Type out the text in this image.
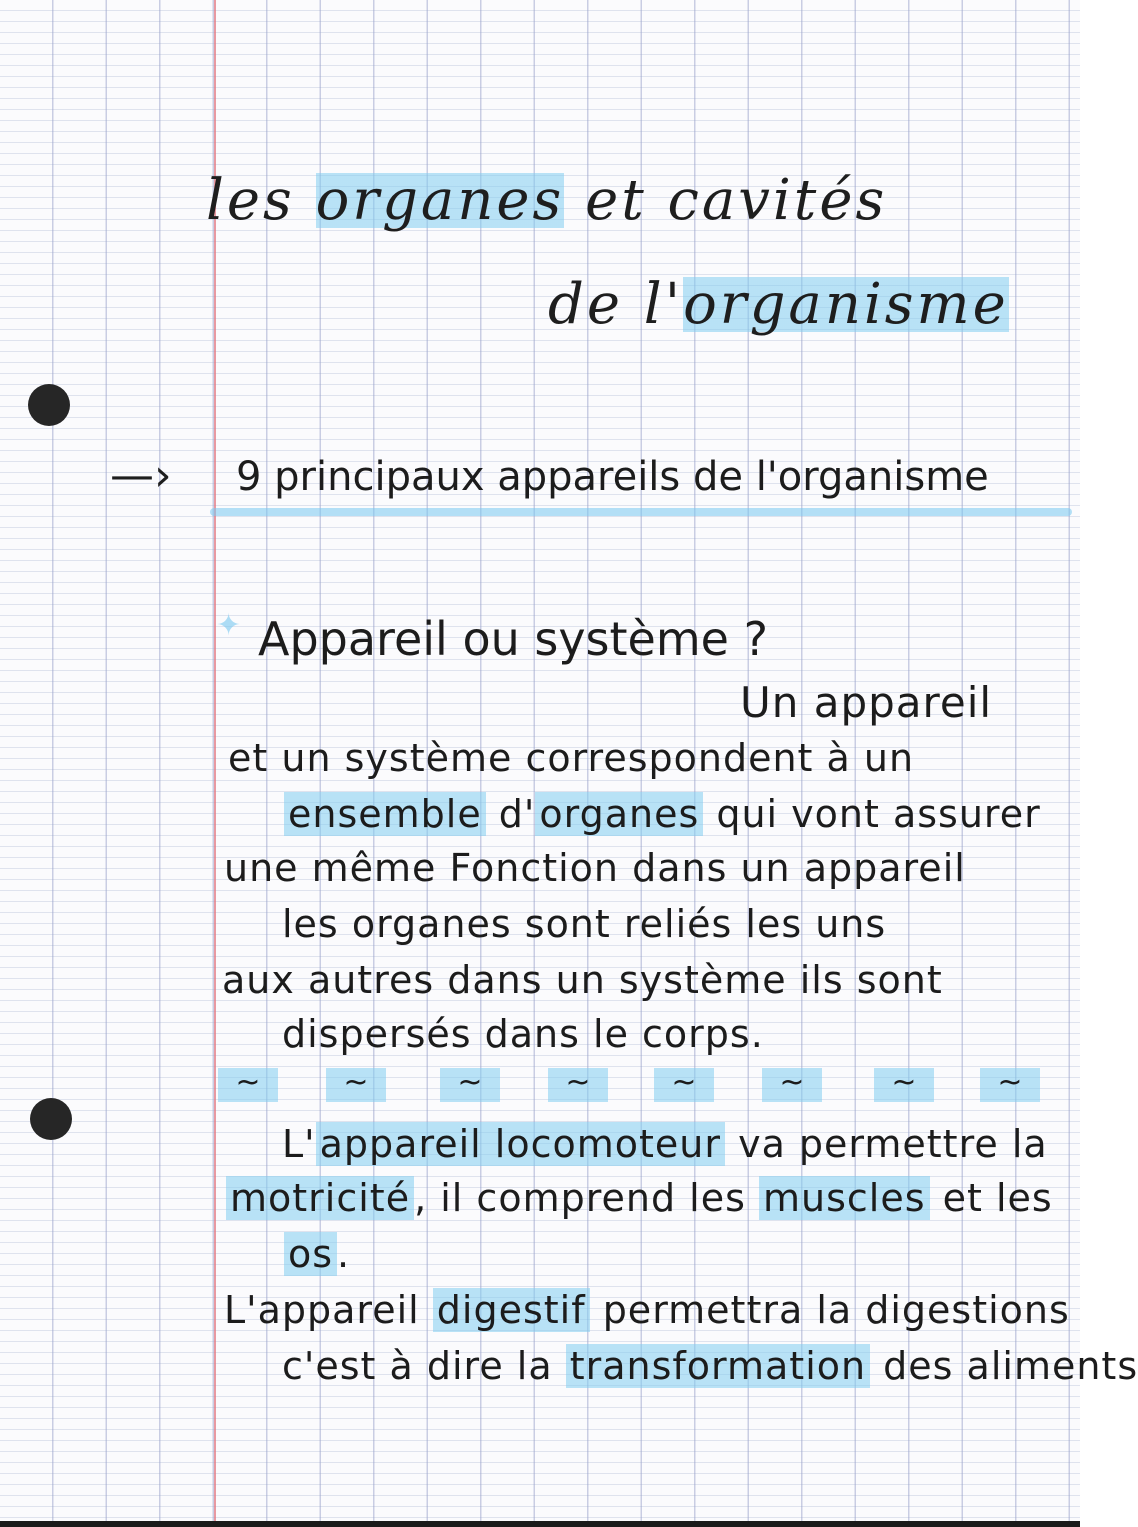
les organes et cavités
de l'organisme
—› 9 principaux appareils de l'organisme
✦ Appareil ou système ?
Un appareil
et un système correspondent à un
ensemble d' organes qui vont assurer
une même Fonction dans un appareil
les organes sont reliés les uns
aux autres dans un système ils sont
dispersés dans le corps.
~	~	~	~	~	~	~	~
L' appareil locomoteur va permettre la
motricité , il comprend les muscles et les
os .
L'appareil digestif permettra la digestions
c'est à dire la transformation des aliments
